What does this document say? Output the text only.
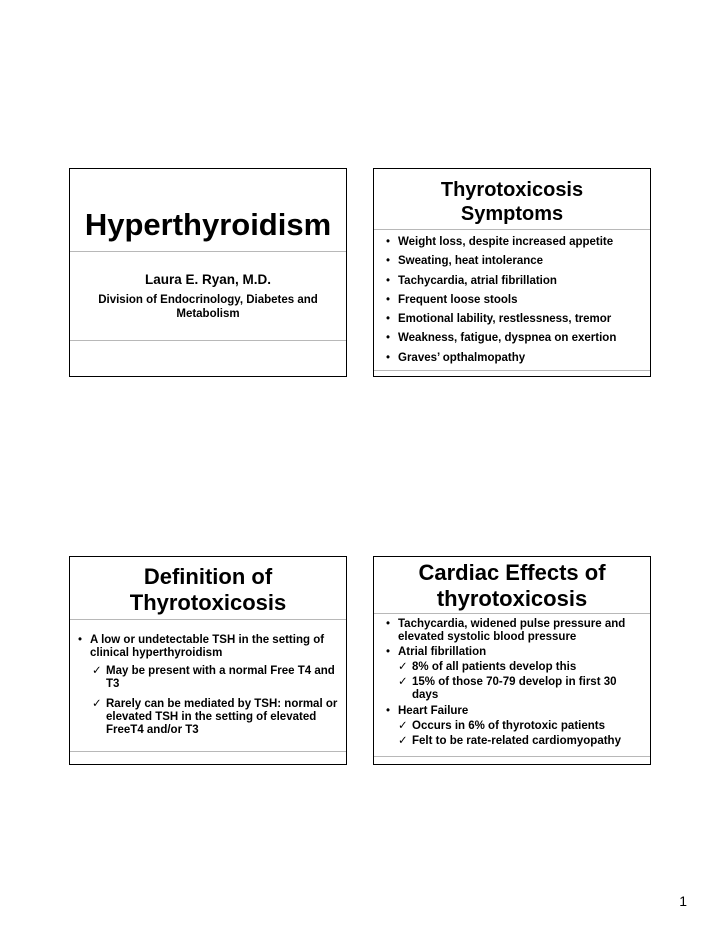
Hyperthyroidism
Laura E. Ryan, M.D.
Division of Endocrinology, Diabetes and Metabolism
Thyrotoxicosis
Symptoms
• Weight loss, despite increased appetite
• Sweating, heat intolerance
• Tachycardia, atrial fibrillation
• Frequent loose stools
• Emotional lability, restlessness, tremor
• Weakness, fatigue, dyspnea on exertion
• Graves’ opthalmopathy
Definition of
Thyrotoxicosis
• A low or undetectable TSH in the setting of clinical hyperthyroidism
✓ May be present with a normal Free T4 and T3
✓ Rarely can be mediated by TSH: normal or elevated TSH in the setting of elevated FreeT4 and/or T3
Cardiac Effects of
thyrotoxicosis
• Tachycardia, widened pulse pressure and elevated systolic blood pressure
• Atrial fibrillation
✓ 8% of all patients develop this
✓ 15% of those 70-79 develop in first 30 days
• Heart Failure
✓ Occurs in 6% of thyrotoxic patients
✓ Felt to be rate-related cardiomyopathy
1
